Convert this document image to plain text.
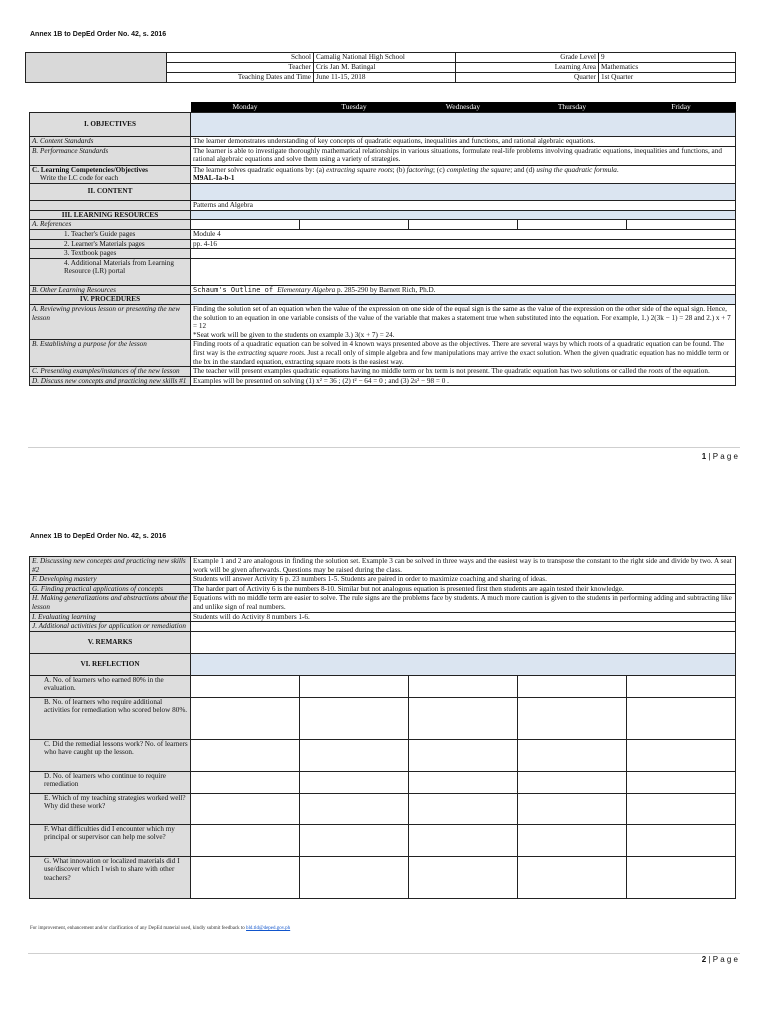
Annex 1B to DepEd Order No. 42, s. 2016
	School	Camalig National High School	Grade Level	9
	Teacher	Cris Jan M. Batingal	Learning Area	Mathematics
	Teaching Dates and Time	June 11-15, 2018	Quarter	1st Quarter
	Monday	Tuesday	Wednesday	Thursday	Friday
I. OBJECTIVES					
A. Content Standards	The learner demonstrates understanding of key concepts of quadratic equations, inequalities and functions, and rational algebraic equations.				
B. Performance Standards	The learner is able to investigate thoroughly mathematical relationships in various situations, formulate real-life problems involving quadratic equations, inequalities and functions, and rational algebraic equations and solve them using a variety of strategies.				
C. Learning Competencies/Objectives
Write the LC code for each	The learner solves quadratic equations by: (a) extracting square roots; (b) factoring; (c) completing the square; and (d) using the quadratic formula.
M9AL-Ia-b-1				
II. CONTENT					
	Patterns and Algebra				
III. LEARNING RESOURCES					
A. References					
1. Teacher's Guide pages	Module 4				
2. Learner's Materials pages	pp. 4-16				
3. Textbook pages					
4. Additional Materials from Learning Resource (LR) portal					
B. Other Learning Resources	Schaum's Outline of Elementary Algebra p. 285-290 by Barnett Rich, Ph.D.				
IV. PROCEDURES					
A. Reviewing previous lesson or presenting the new lesson	Finding the solution set of an equation when the value of the expression on one side of the equal sign is the same as the value of the expression on the other side of the equal sign. Hence, the solution to an equation in one variable consists of the value of the variable that makes a statement true when substituted into the equation. For example, 1.) 2(3k − 1) = 28 and 2.) x + 7 = 12
*Seat work will be given to the students on example 3.) 3(x + 7) = 24.				
B. Establishing a purpose for the lesson	Finding roots of a quadratic equation can be solved in 4 known ways presented above as the objectives. There are several ways by which roots of a quadratic equation can be found. The first way is the extracting square roots. Just a recall only of simple algebra and few manipulations may arrive the exact solution. When the given quadratic equation has no middle term or the bx in the standard equation, extracting square roots is the easiest way.				
C. Presenting examples/instances of the new lesson	The teacher will present examples quadratic equations having no middle term or bx term is not present. The quadratic equation has two solutions or called the roots of the equation.				
D. Discuss new concepts and practicing new skills #1	Examples will be presented on solving (1) x² = 36 ; (2) t² − 64 = 0 ; and (3) 2s² − 98 = 0 .				
1 | P a g e
Annex 1B to DepEd Order No. 42, s. 2016
E. Discussing new concepts and practicing new skills #2	Example 1 and 2 are analogous in finding the solution set. Example 3 can be solved in three ways and the easiest way is to transpose the constant to the right side and divide by two. A seat work will be given afterwards. Questions may be raised during the class.				
F. Developing mastery	Students will answer Activity 6 p. 23 numbers 1-5. Students are paired in order to maximize coaching and sharing of ideas.				
G. Finding practical applications of concepts	The harder part of Activity 6 is the numbers 8-10. Similar but not analogous equation is presented first then students are again tested their knowledge.				
H. Making generalizations and abstractions about the lesson	Equations with no middle term are easier to solve. The rule signs are the problems face by students. A much more caution is given to the students in performing adding and subtracting like and unlike sign of real numbers.				
I. Evaluating learning	Students will do Activity 8 numbers 1-6.				
J. Additional activities for application or remediation					
V. REMARKS					
VI. REFLECTION					
A. No. of learners who earned 80% in the evaluation.					
B. No. of learners who require additional activities for remediation who scored below 80%.					
C. Did the remedial lessons work? No. of learners who have caught up the lesson.					
D. No. of learners who continue to require remediation					
E. Which of my teaching strategies worked well? Why did these work?					
F. What difficulties did I encounter which my principal or supervisor can help me solve?					
G. What innovation or localized materials did I use/discover which I wish to share with other teachers?					
For improvement, enhancement and/or clarification of any DepEd material used, kindly submit feedback to bld.tld@deped.gov.ph
2 | P a g e
